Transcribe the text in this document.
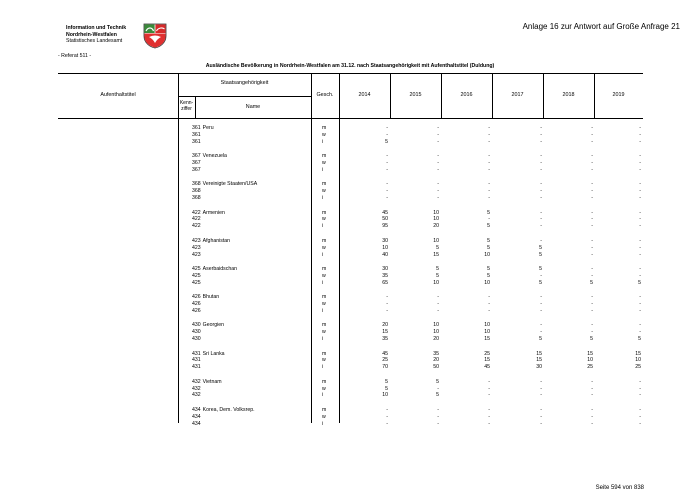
Information und Technik
Nordrhein-Westfalen
Statistisches Landesamt
Anlage 16 zur Antwort auf Große Anfrage 21
- Referat 511 -
Ausländische Bevölkerung in Nordrhein-Westfalen am 31.12. nach Staatsangehörigkeit mit Aufenthaltstitel (Duldung)
Aufenthaltstitel
Staatsangehörigkeit
Kenn-
ziffer	Name
Gesch.	2014	2015	2016	2017	2018	2019
361 Peru	m	-	-	-	-	-	-
361	w	-	-	-	-	-	-
361	i	5	-	-	-	-	-
367 Venezuela	m	-	-	-	-	-	-
367	w	-	-	-	-	-	-
367	i	-	-	-	-	-	-
368 Vereinigte Staaten/USA	m	-	-	-	-	-	-
368	w	-	-	-	-	-	-
368	i	-	-	-	-	-	-
422 Armenien	m	45	10	5	-	-	-
422	w	50	10	-	-	-	-
422	i	95	20	5	-	-	-
423 Afghanistan	m	30	10	5	-	-	-
423	w	10	5	5	5	-	-
423	i	40	15	10	5	-	-
425 Aserbaidschan	m	30	5	5	5	-	-
425	w	35	5	5	-	-	-
425	i	65	10	10	5	5	5
426 Bhutan	m	-	-	-	-	-	-
426	w	-	-	-	-	-	-
426	i	-	-	-	-	-	-
430 Georgien	m	20	10	10	-	-	-
430	w	15	10	10	-	-	-
430	i	35	20	15	5	5	5
431 Sri Lanka	m	45	35	25	15	15	15
431	w	25	20	15	15	10	10
431	i	70	50	45	30	25	25
432 Vietnam	m	5	5	-	-	-	-
432	w	5	-	-	-	-	-
432	i	10	5	-	-	-	-
434 Korea, Dem. Volksrep.	m	-	-	-	-	-	-
434	w	-	-	-	-	-	-
434	i	-	-	-	-	-	-
Seite 594 von 838
